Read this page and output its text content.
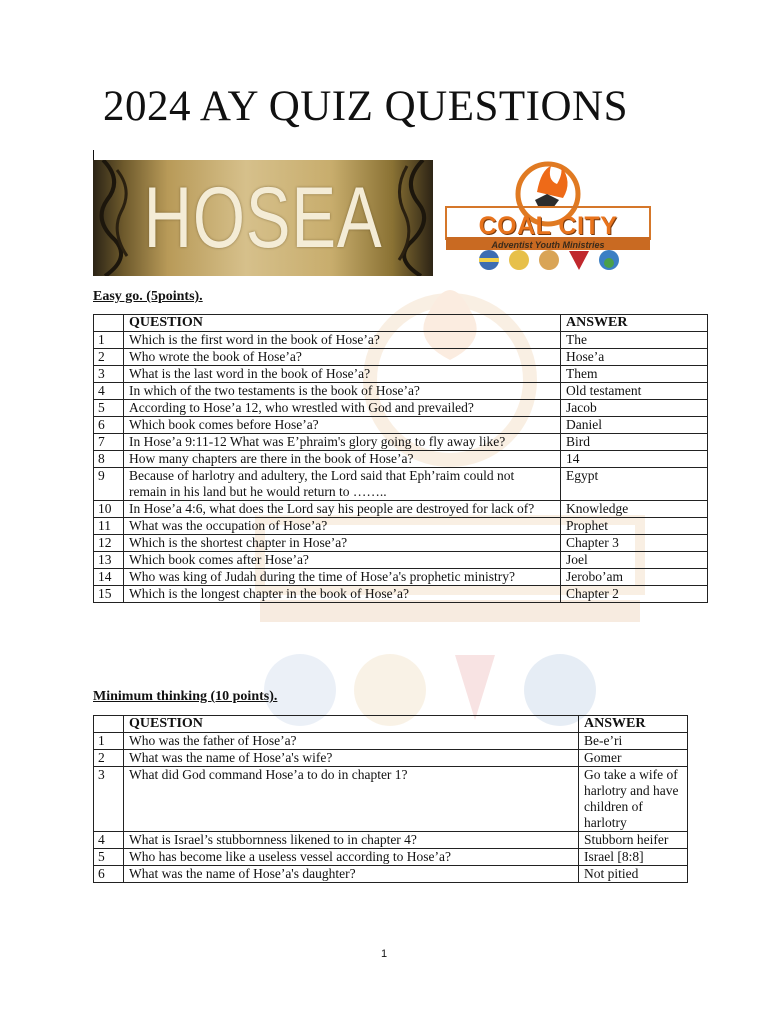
2024 AY QUIZ QUESTIONS
HOSEA	COAL CITY
Adventist Youth Ministries
Easy go. (5points).
	QUESTION	ANSWER
1	Which is the first word in the book of Hose’a?	The
2	Who wrote the book of Hose’a?	Hose’a
3	What is the last word in the book of Hose’a?	Them
4	In which of the two testaments is the book of Hose’a?	Old testament
5	According to Hose’a 12, who wrestled with God and prevailed?	Jacob
6	Which book comes before Hose’a?	Daniel
7	In Hose’a 9:11-12 What was E’phraim's glory going to fly away like?	Bird
8	How many chapters are there in the book of Hose’a?	14
9	Because of harlotry and adultery, the Lord said that Eph’raim could not remain in his land but he would return to ……..	Egypt
10	In Hose’a 4:6, what does the Lord say his people are destroyed for lack of?	Knowledge
11	What was the occupation of Hose’a?	Prophet
12	Which is the shortest chapter in Hose’a?	Chapter 3
13	Which book comes after Hose’a?	Joel
14	Who was king of Judah during the time of Hose’a's prophetic ministry?	Jerobo’am
15	Which is the longest chapter in the book of Hose’a?	Chapter 2
Minimum thinking (10 points).
	QUESTION	ANSWER
1	Who was the father of Hose’a?	Be-e’ri
2	What was the name of Hose’a's wife?	Gomer
3	What did God command Hose’a to do in chapter 1?	Go take a wife of harlotry and have children of harlotry
4	What is Israel’s stubbornness likened to in chapter 4?	Stubborn heifer
5	Who has become like a useless vessel according to Hose’a?	Israel [8:8]
6	What was the name of Hose’a's daughter?	Not pitied
1
